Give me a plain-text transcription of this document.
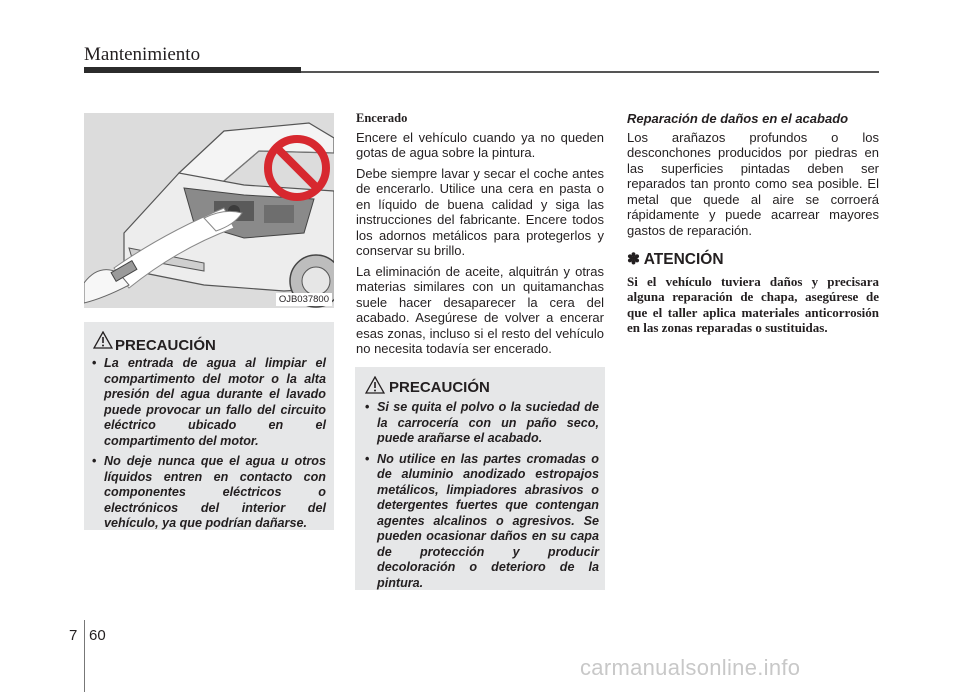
Mantenimiento
OJB037800
PRECAUCIÓN
• La entrada de agua al limpiar el compartimento del motor o la alta presión del agua durante el lavado puede provocar un fallo del circuito eléctrico ubicado en el compartimento del motor.
• No deje nunca que el agua u otros líquidos entren en contacto con componentes eléctricos o electrónicos del interior del vehículo, ya que podrían dañarse.
Encerado

Encere el vehículo cuando ya no queden gotas de agua sobre la pintura.

Debe siempre lavar y secar el coche antes de encerarlo. Utilice una cera en pasta o en líquido de buena calidad y siga las instrucciones del fabricante. Encere todos los adornos metálicos para protegerlos y conservar su brillo.

La eliminación de aceite, alquitrán y otras materias similares con un quitamanchas suele hacer desaparecer la cera del acabado. Asegúrese de volver a encerar esas zonas, incluso si el resto del vehículo no necesita todavía ser encerado.

PRECAUCIÓN
• Si se quita el polvo o la suciedad de la carrocería con un paño seco, puede arañarse el acabado.
• No utilice en las partes cromadas o de aluminio anodizado estropajos metálicos, limpiadores abrasivos o detergentes fuertes que contengan agentes alcalinos o agresivos. Se pueden ocasionar daños en su capa de protección y producir decoloración o deterioro de la pintura.
Reparación de daños en el acabado

Los arañazos profundos o los desconchones producidos por piedras en las superficies pintadas deben ser reparados tan pronto como sea posible. El metal que quede al aire se corroerá rápidamente y puede acarrear mayores gastos de reparación.

✽ ATENCIÓN
Si el vehículo tuviera daños y precisara alguna reparación de chapa, asegúrese de que el taller aplica materiales anticorrosión en las zonas reparadas o sustituidas.
7 60
carmanualsonline.info
